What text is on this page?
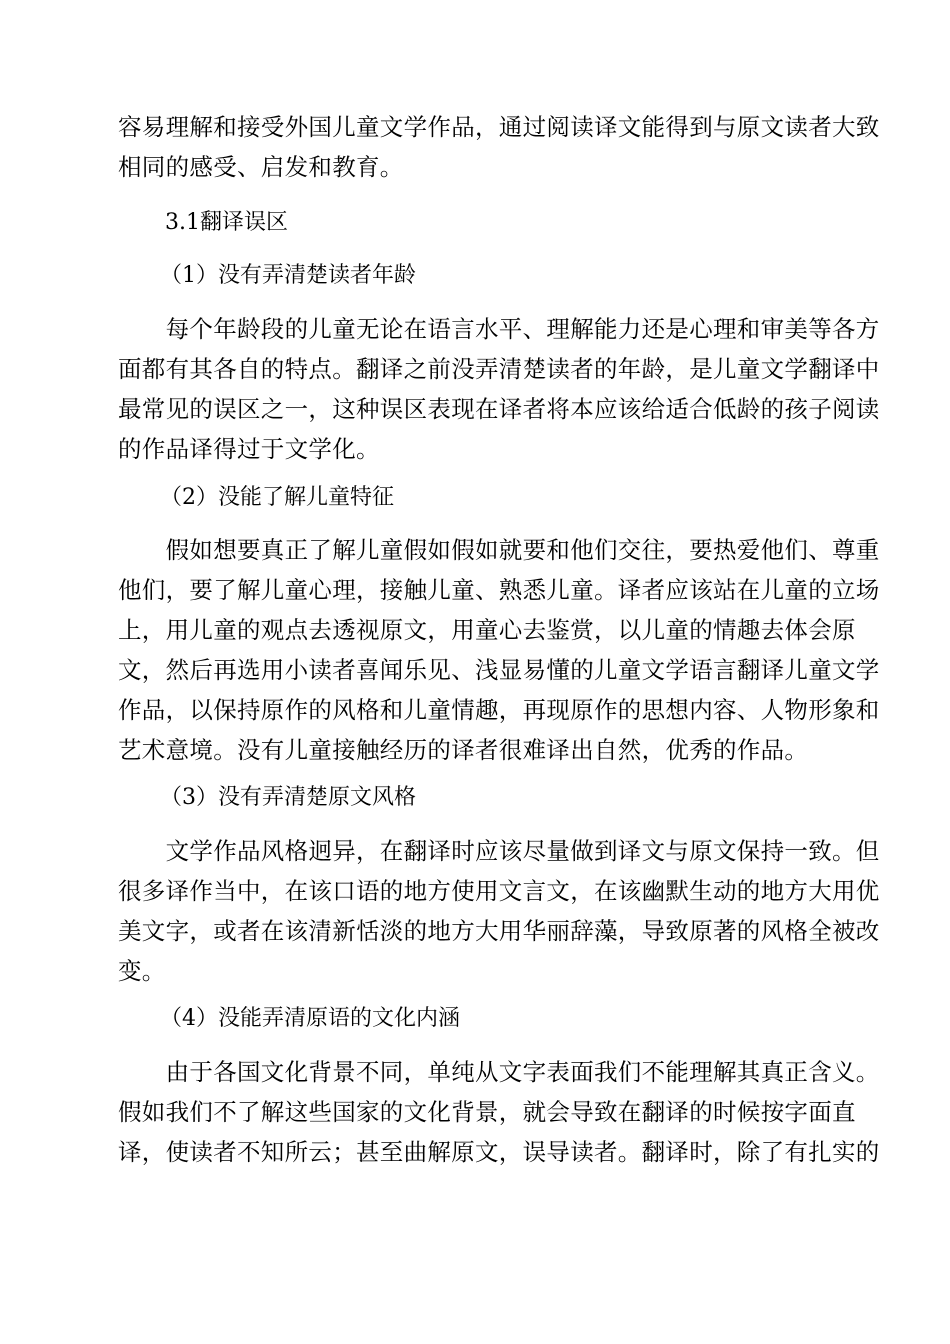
容易理解和接受外国儿童文学作品，通过阅读译文能得到与原文读者大致
相同的感受、启发和教育。
3.1翻译误区
（1）没有弄清楚读者年龄
　　每个年龄段的儿童无论在语言水平、理解能力还是心理和审美等各方
面都有其各自的特点。翻译之前没弄清楚读者的年龄，是儿童文学翻译中
最常见的误区之一，这种误区表现在译者将本应该给适合低龄的孩子阅读
的作品译得过于文学化。
（2）没能了解儿童特征
　　假如想要真正了解儿童假如假如就要和他们交往，要热爱他们、尊重
他们，要了解儿童心理，接触儿童、熟悉儿童。译者应该站在儿童的立场
上，用儿童的观点去透视原文，用童心去鉴赏，以儿童的情趣去体会原
文，然后再选用小读者喜闻乐见、浅显易懂的儿童文学语言翻译儿童文学
作品，以保持原作的风格和儿童情趣，再现原作的思想内容、人物形象和
艺术意境。没有儿童接触经历的译者很难译出自然，优秀的作品。
（3）没有弄清楚原文风格
　　文学作品风格迥异，在翻译时应该尽量做到译文与原文保持一致。但
很多译作当中，在该口语的地方使用文言文，在该幽默生动的地方大用优
美文字，或者在该清新恬淡的地方大用华丽辞藻，导致原著的风格全被改
变。
（4）没能弄清原语的文化内涵
　　由于各国文化背景不同，单纯从文字表面我们不能理解其真正含义。
假如我们不了解这些国家的文化背景，就会导致在翻译的时候按字面直
译，使读者不知所云；甚至曲解原文，误导读者。翻译时，除了有扎实的
